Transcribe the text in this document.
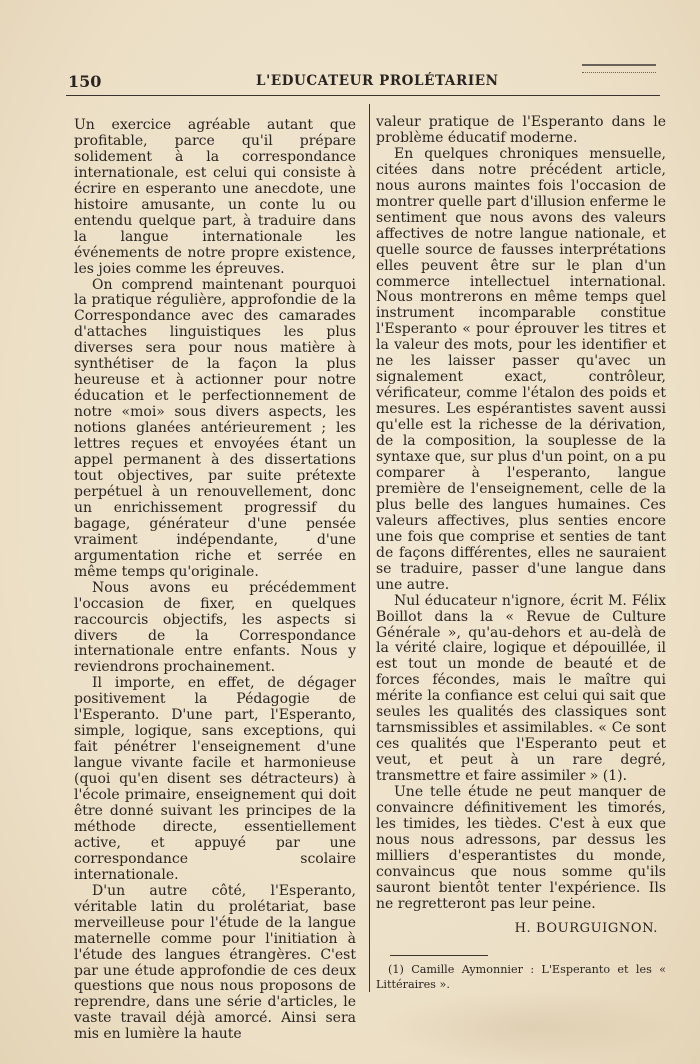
150	L'EDUCATEUR PROLÉTARIEN

Un exercice agréable autant que profitable, parce qu'il prépare solidement à la correspondance internationale, est celui qui consiste à écrire en esperanto une anecdote, une histoire amusante, un conte lu ou entendu quelque part, à traduire dans la langue internationale les événements de notre propre existence, les joies comme les épreuves.

On comprend maintenant pourquoi la pratique régulière, approfondie de la Correspondance avec des camarades d'attaches linguistiques les plus diverses sera pour nous matière à synthétiser de la façon la plus heureuse et à actionner pour notre éducation et le perfectionnement de notre «moi» sous divers aspects, les notions glanées antérieurement ; les lettres reçues et envoyées étant un appel permanent à des dissertations tout objectives, par suite prétexte perpétuel à un renouvellement, donc un enrichissement progressif du bagage, générateur d'une pensée vraiment indépendante, d'une argumentation riche et serrée en même temps qu'originale.

Nous avons eu précédemment l'occasion de fixer, en quelques raccourcis objectifs, les aspects si divers de la Correspondance internationale entre enfants. Nous y reviendrons prochainement.

Il importe, en effet, de dégager positivement la Pédagogie de l'Esperanto. D'une part, l'Esperanto, simple, logique, sans exceptions, qui fait pénétrer l'enseignement d'une langue vivante facile et harmonieuse (quoi qu'en disent ses détracteurs) à l'école primaire, enseignement qui doit être donné suivant les principes de la méthode directe, essentiellement active, et appuyé par une correspondance scolaire internationale.

D'un autre côté, l'Esperanto, véritable latin du prolétariat, base merveilleuse pour l'étude de la langue maternelle comme pour l'initiation à l'étude des langues étrangères. C'est par une étude approfondie de ces deux questions que nous nous proposons de reprendre, dans une série d'articles, le vaste travail déjà amorcé. Ainsi sera mis en lumière la haute

valeur pratique de l'Esperanto dans le problème éducatif moderne.

En quelques chroniques mensuelle, citées dans notre précédent article, nous aurons maintes fois l'occasion de montrer quelle part d'illusion enferme le sentiment que nous avons des valeurs affectives de notre langue nationale, et quelle source de fausses interprétations elles peuvent être sur le plan d'un commerce intellectuel international. Nous montrerons en même temps quel instrument incomparable constitue l'Esperanto « pour éprouver les titres et la valeur des mots, pour les identifier et ne les laisser passer qu'avec un signalement exact, contrôleur, vérificateur, comme l'étalon des poids et mesures. Les espérantistes savent aussi qu'elle est la richesse de la dérivation, de la composition, la souplesse de la syntaxe que, sur plus d'un point, on a pu comparer à l'esperanto, langue première de l'enseignement, celle de la plus belle des langues humaines. Ces valeurs affectives, plus senties encore une fois que comprise et senties de tant de façons différentes, elles ne sauraient se traduire, passer d'une langue dans une autre.

Nul éducateur n'ignore, écrit M. Félix Boillot dans la « Revue de Culture Générale », qu'au-dehors et au-delà de la vérité claire, logique et dépouillée, il est tout un monde de beauté et de forces fécondes, mais le maître qui mérite la confiance est celui qui sait que seules les qualités des classiques sont tarnsmissibles et assimilables. « Ce sont ces qualités que l'Esperanto peut et veut, et peut à un rare degré, transmettre et faire assimiler » (1).

Une telle étude ne peut manquer de convaincre définitivement les timorés, les timides, les tièdes. C'est à eux que nous nous adressons, par dessus les milliers d'esperantistes du monde, convaincus que nous somme qu'ils sauront bientôt tenter l'expérience. Ils ne regretteront pas leur peine.

H. BOURGUIGNON.
(1) Camille Aymonnier : L'Esperanto et les « Littéraires ».
